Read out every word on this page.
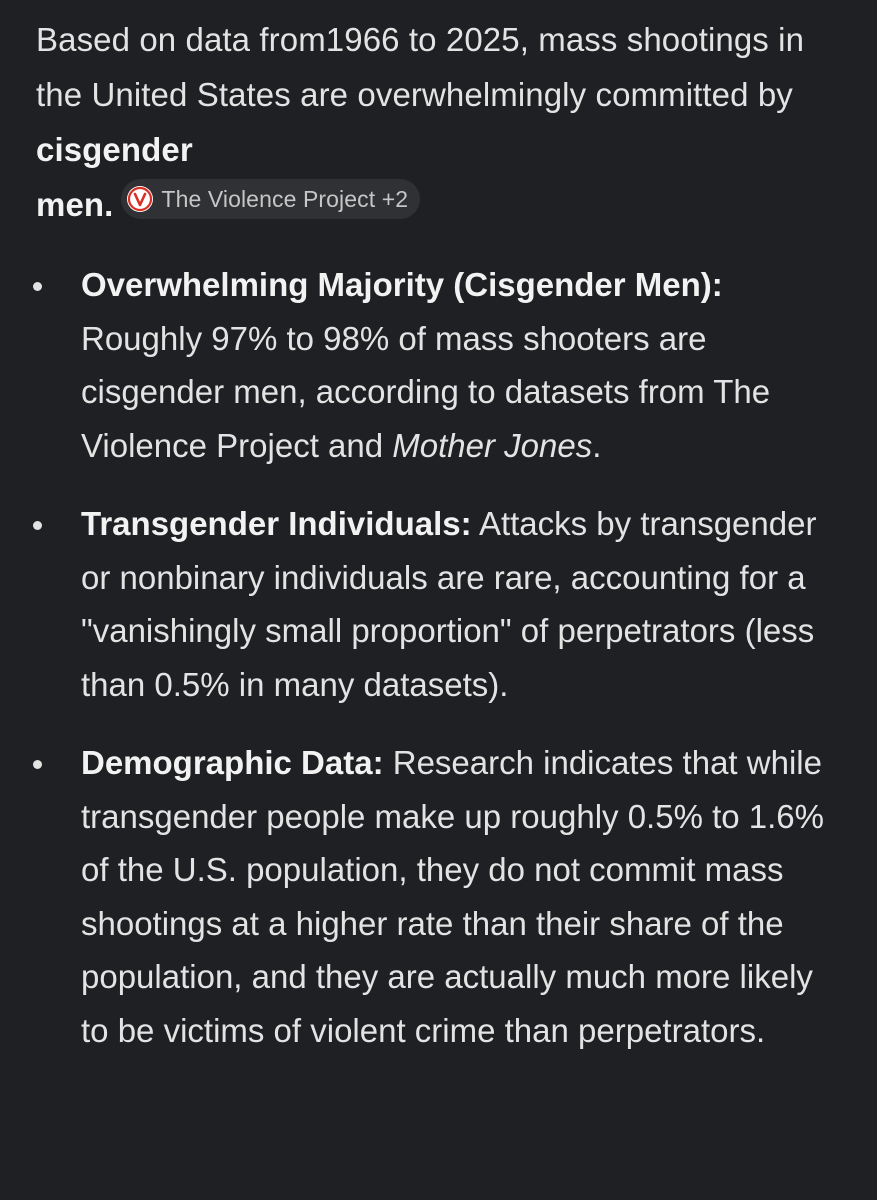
Based on data from1966 to 2025, mass shootings in the United States are overwhelmingly committed by cisgender
men. The Violence Project +2

Overwhelming Majority (Cisgender Men): Roughly 97% to 98% of mass shooters are cisgender men, according to datasets from The Violence Project and Mother Jones.
Transgender Individuals: Attacks by transgender or nonbinary individuals are rare, accounting for a "vanishingly small proportion" of perpetrators (less than 0.5% in many datasets).
Demographic Data: Research indicates that while transgender people make up roughly 0.5% to 1.6% of the U.S. population, they do not commit mass shootings at a higher rate than their share of the population, and they are actually much more likely to be victims of violent crime than perpetrators.
